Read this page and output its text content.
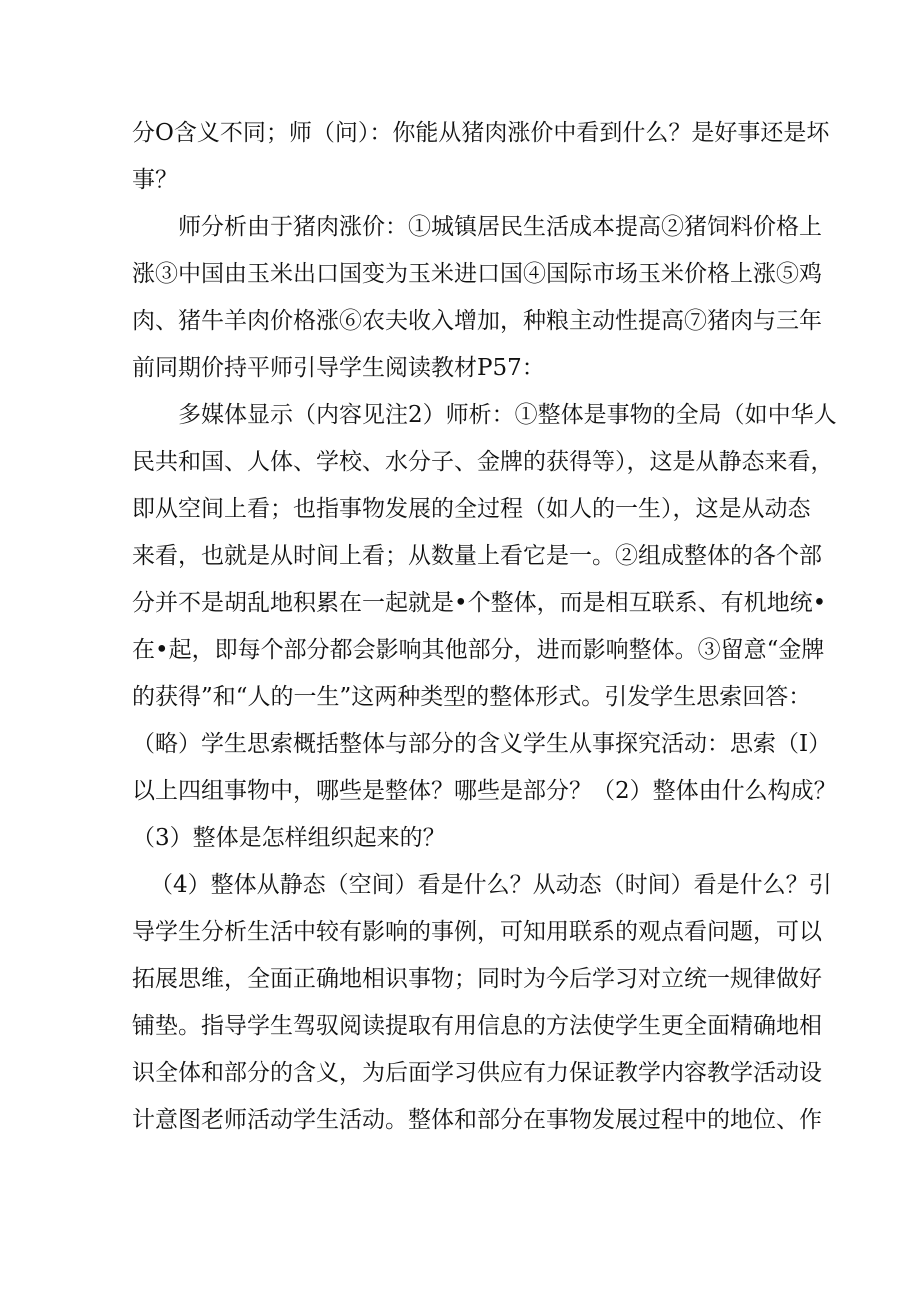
分O含义不同；师（问）：你能从猪肉涨价中看到什么？是好事还是坏
事？
师分析由于猪肉涨价：①城镇居民生活成本提高②猪饲料价格上
涨③中国由玉米出口国变为玉米进口国④国际市场玉米价格上涨⑤鸡
肉、猪牛羊肉价格涨⑥农夫收入增加，种粮主动性提高⑦猪肉与三年
前同期价持平师引导学生阅读教材P57：
多媒体显示（内容见注2）师析：①整体是事物的全局（如中华人
民共和国、人体、学校、水分子、金牌的获得等），这是从静态来看，
即从空间上看；也指事物发展的全过程（如人的一生），这是从动态
来看，也就是从时间上看；从数量上看它是一。②组成整体的各个部
分并不是胡乱地积累在一起就是•个整体，而是相互联系、有机地统•
在•起，即每个部分都会影响其他部分，进而影响整体。③留意“金牌
的获得”和“人的一生”这两种类型的整体形式。引发学生思索回答：
（略）学生思索概括整体与部分的含义学生从事探究活动：思索（I）
以上四组事物中，哪些是整体？哪些是部分？（2）整体由什么构成？
（3）整体是怎样组织起来的？
（4）整体从静态（空间）看是什么？从动态（时间）看是什么？引
导学生分析生活中较有影响的事例，可知用联系的观点看问题，可以
拓展思维，全面正确地相识事物；同时为今后学习对立统一规律做好
铺垫。指导学生驾驭阅读提取有用信息的方法使学生更全面精确地相
识全体和部分的含义，为后面学习供应有力保证教学内容教学活动设
计意图老师活动学生活动。整体和部分在事物发展过程中的地位、作
